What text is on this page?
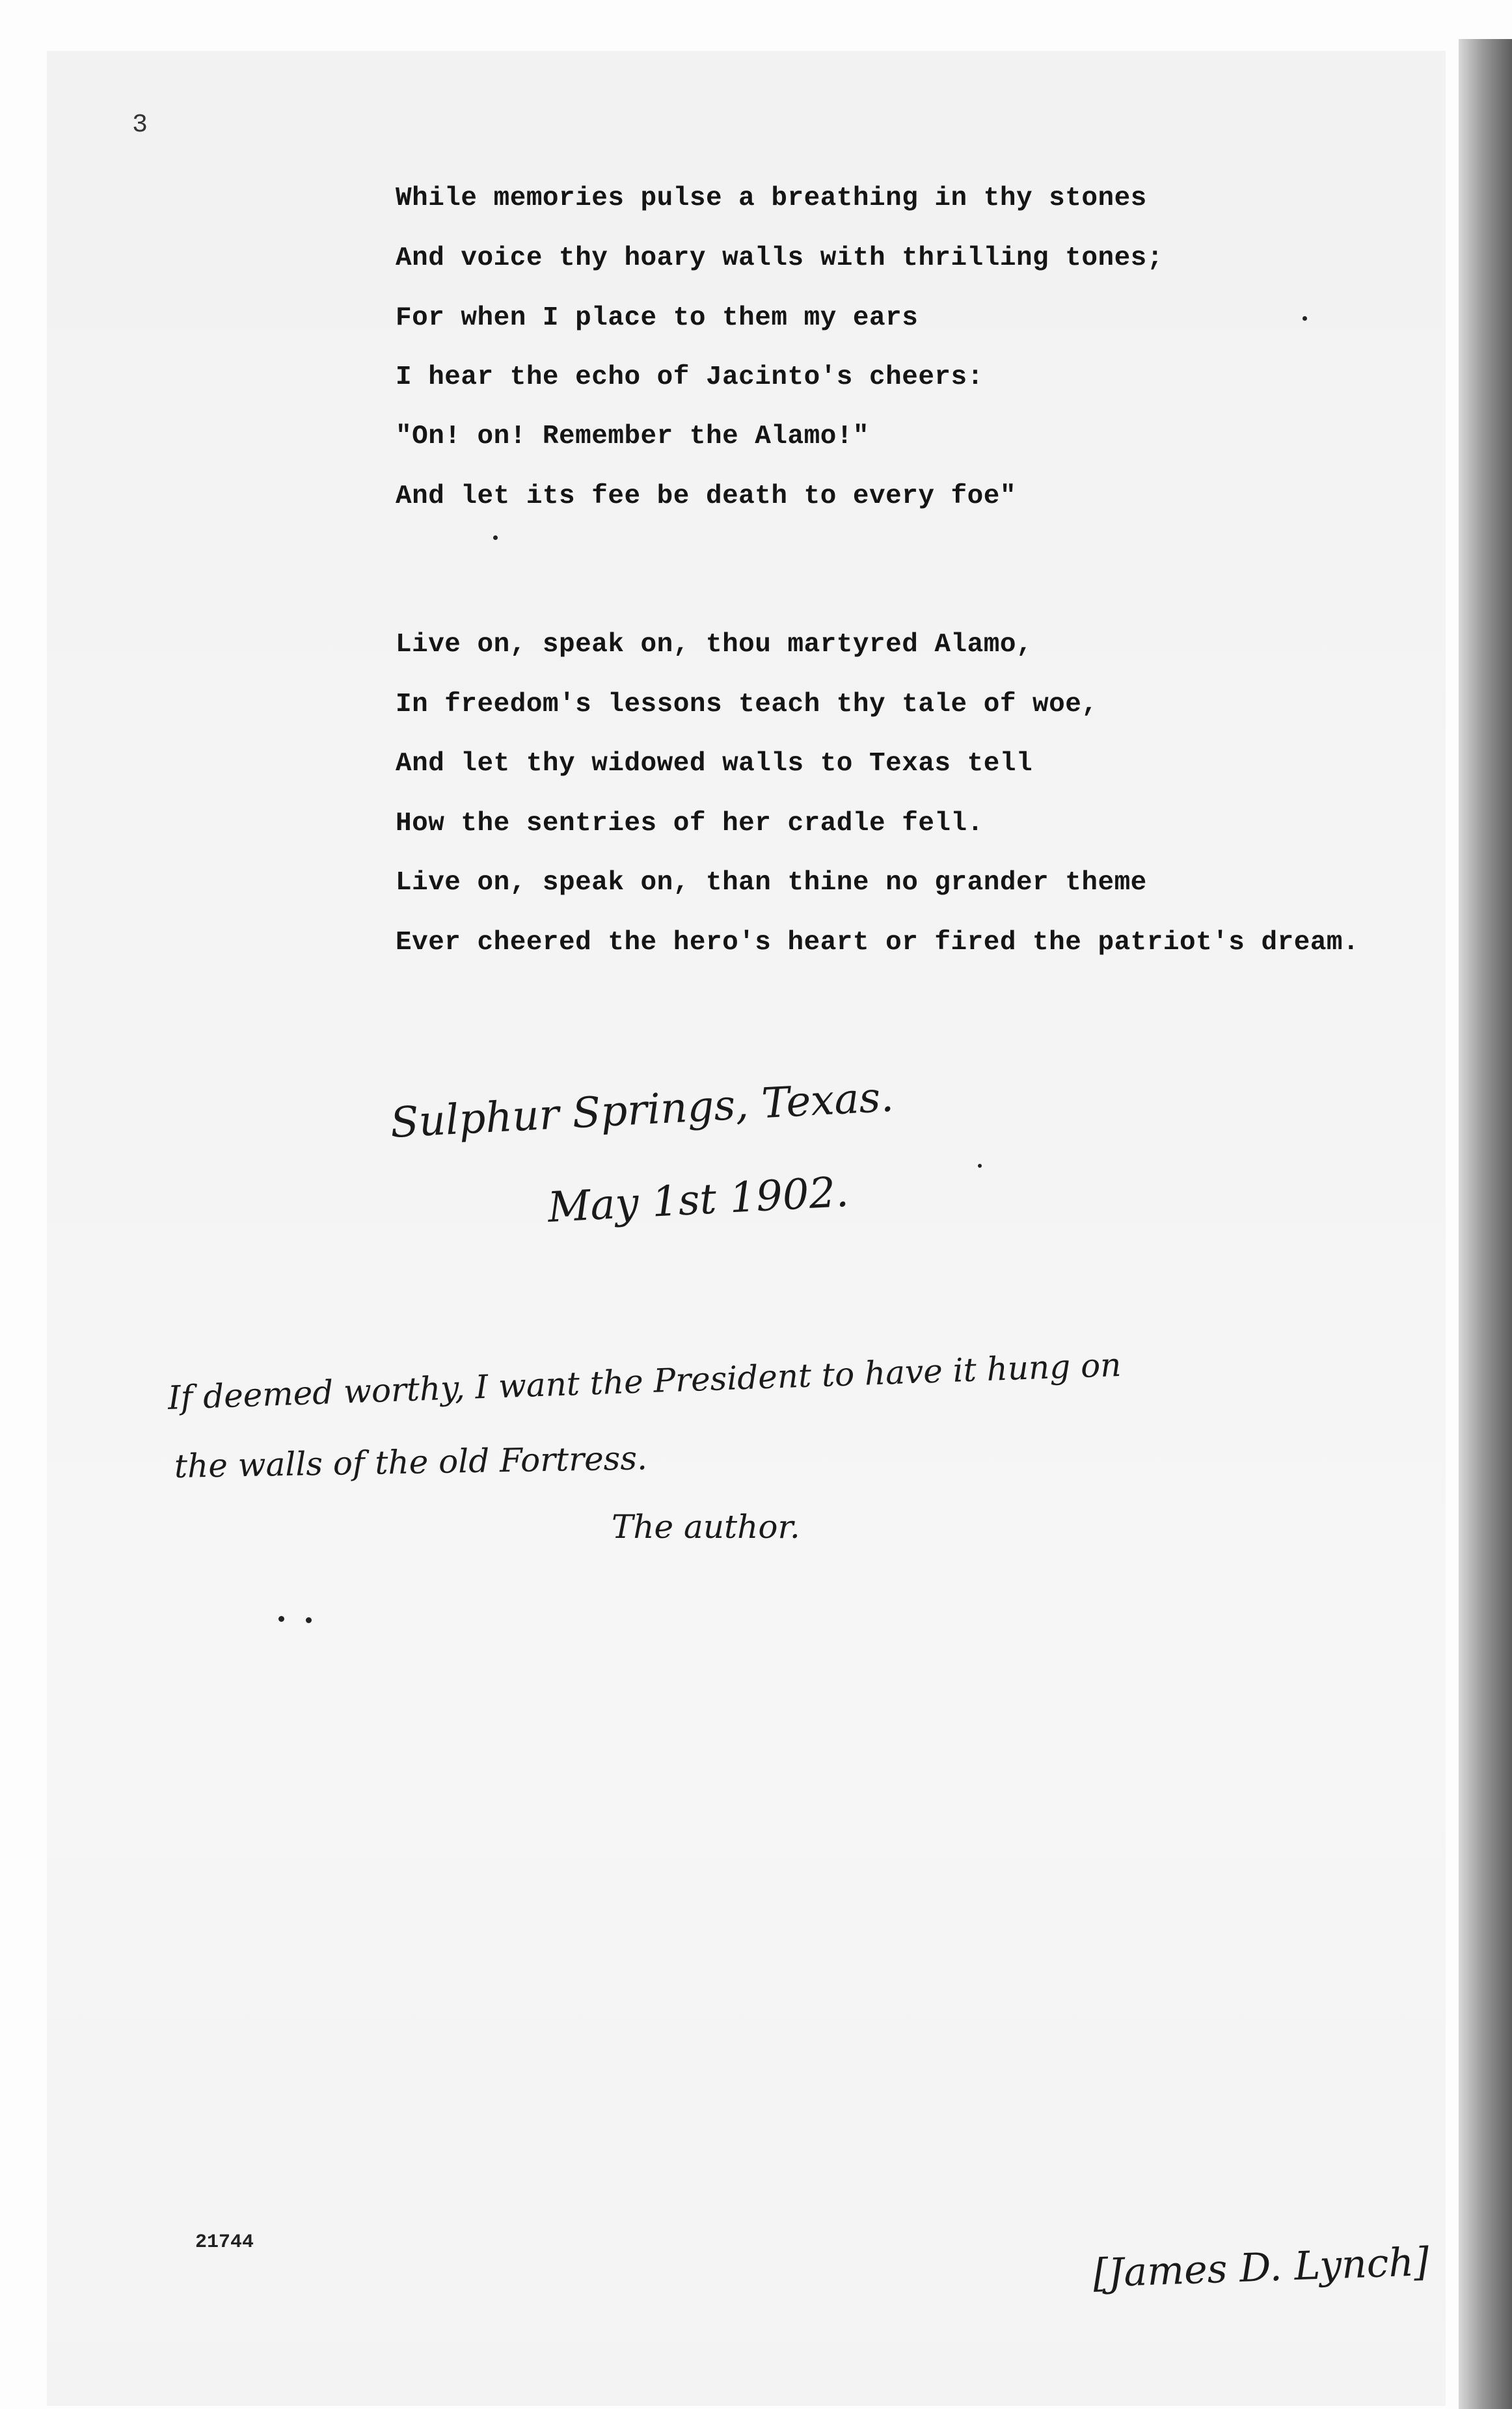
3
While memories pulse a breathing in thy stones
And voice thy hoary walls with thrilling tones;
For when I place to them my ears
I hear the echo of Jacinto's cheers:
"On! on! Remember the Alamo!"
And let its fee be death to every foe"
Live on, speak on, thou martyred Alamo,
In freedom's lessons teach thy tale of woe,
And let thy widowed walls to Texas tell
How the sentries of her cradle fell.
Live on, speak on, than thine no grander theme
Ever cheered the hero's heart or fired the patriot's dream.
Sulphur Springs, Texas.
May 1st 1902.
If deemed worthy, I want the President to have it hung on
the walls of the old Fortress.
The author.
21744	[James D. Lynch]
